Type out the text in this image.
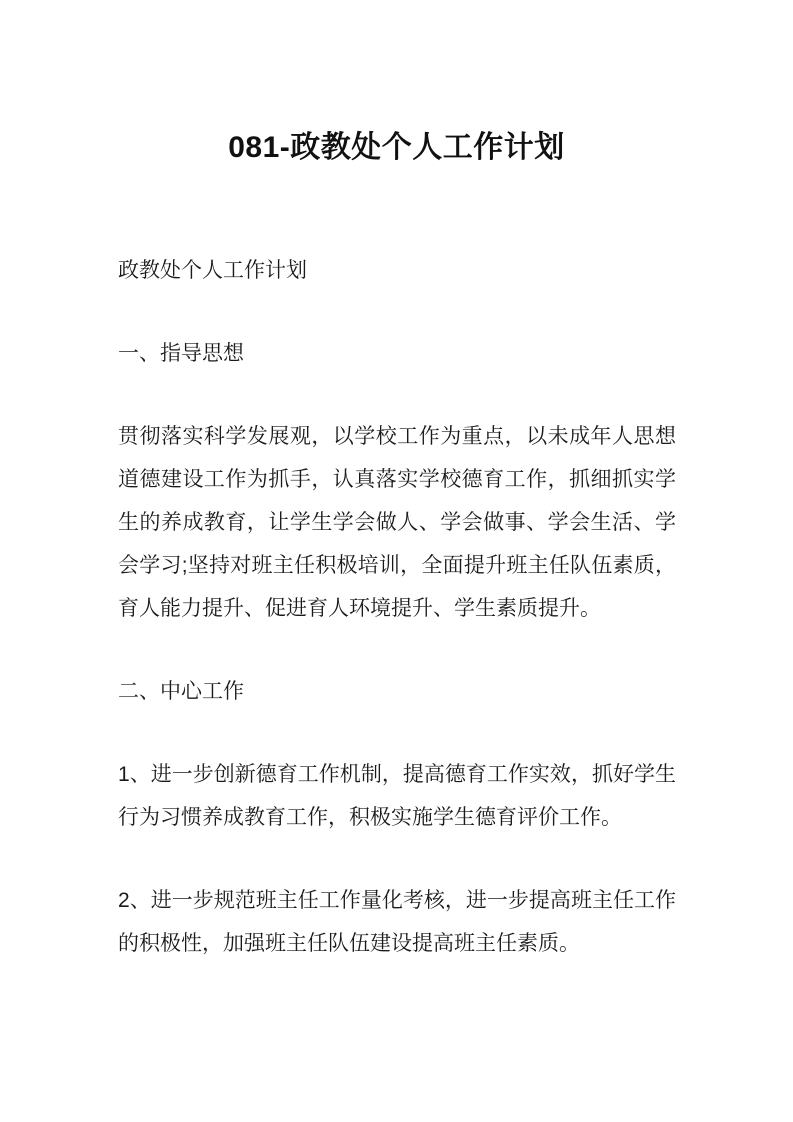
081-政教处个人工作计划

政教处个人工作计划

一、指导思想

贯彻落实科学发展观，以学校工作为重点，以未成年人思想道德建设工作为抓手，认真落实学校德育工作，抓细抓实学生的养成教育，让学生学会做人、学会做事、学会生活、学会学习;坚持对班主任积极培训，全面提升班主任队伍素质，育人能力提升、促进育人环境提升、学生素质提升。

二、中心工作

1、进一步创新德育工作机制，提高德育工作实效，抓好学生行为习惯养成教育工作，积极实施学生德育评价工作。

2、进一步规范班主任工作量化考核，进一步提高班主任工作的积极性，加强班主任队伍建设提高班主任素质。
